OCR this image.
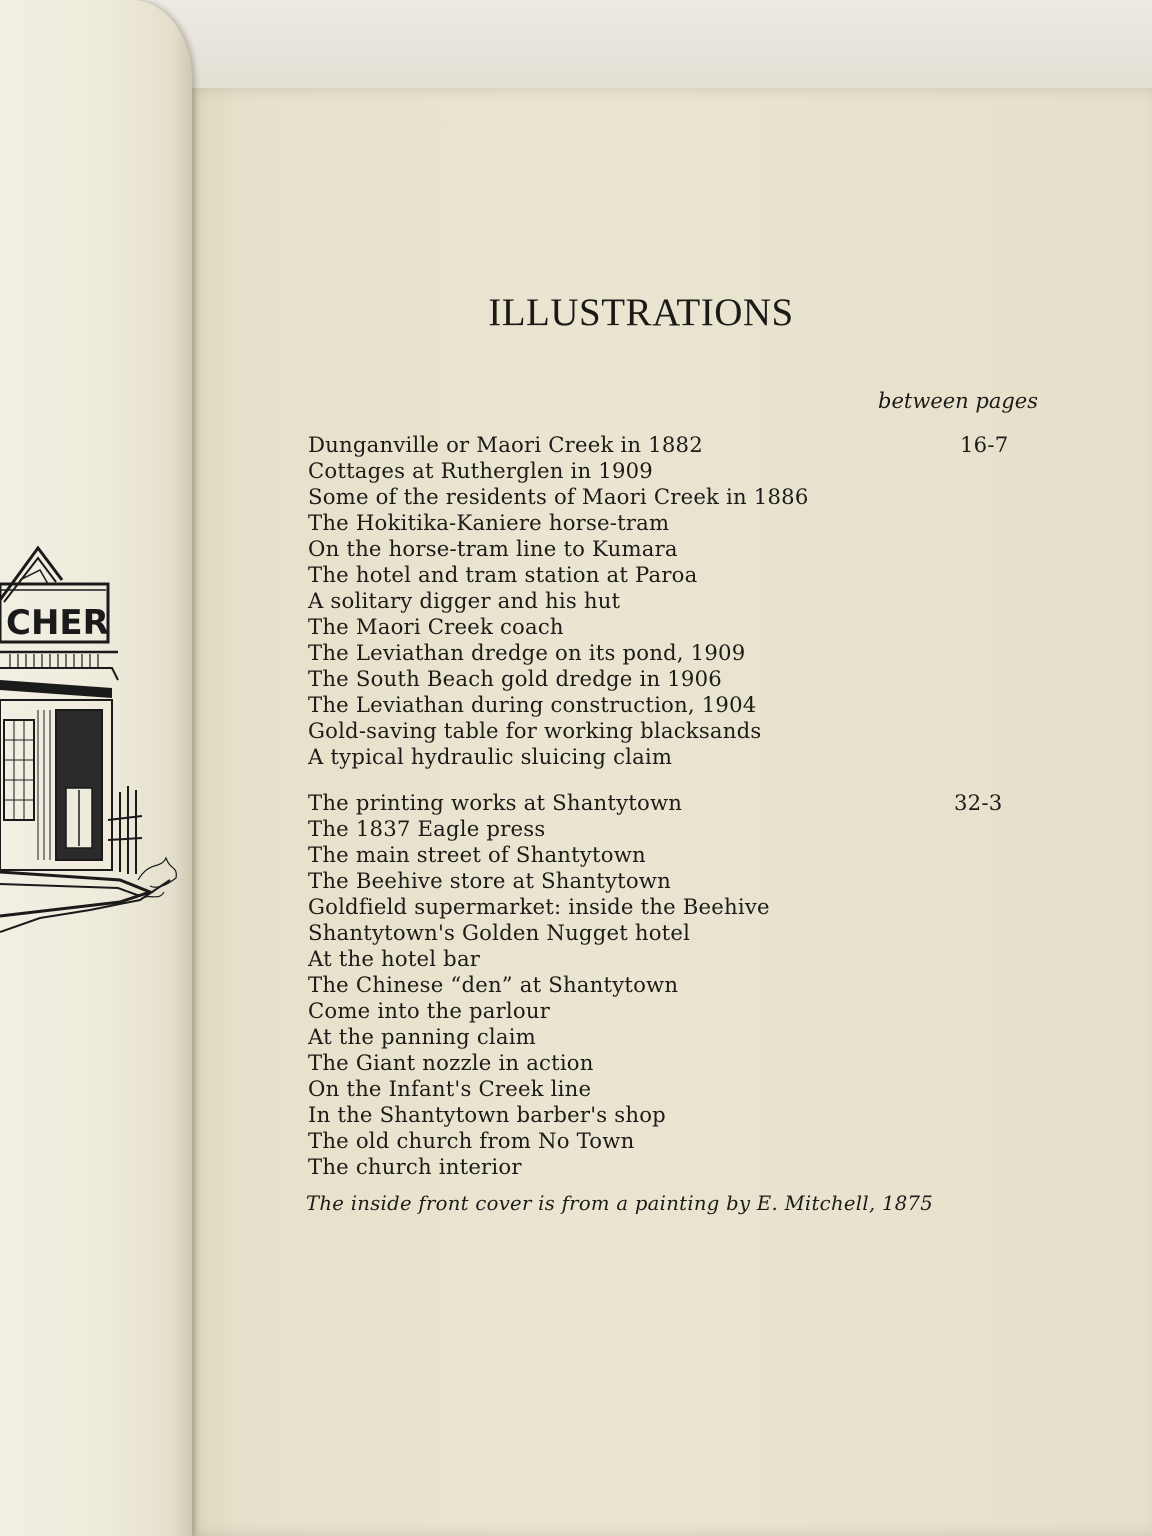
CHER
ILLUSTRATIONS
between pages
Dunganville or Maori Creek in 1882	16-7
Cottages at Rutherglen in 1909
Some of the residents of Maori Creek in 1886
The Hokitika-Kaniere horse-tram
On the horse-tram line to Kumara
The hotel and tram station at Paroa
A solitary digger and his hut
The Maori Creek coach
The Leviathan dredge on its pond, 1909
The South Beach gold dredge in 1906
The Leviathan during construction, 1904
Gold-saving table for working blacksands
A typical hydraulic sluicing claim
The printing works at Shantytown	32-3
The 1837 Eagle press
The main street of Shantytown
The Beehive store at Shantytown
Goldfield supermarket: inside the Beehive
Shantytown's Golden Nugget hotel
At the hotel bar
The Chinese “den” at Shantytown
Come into the parlour
At the panning claim
The Giant nozzle in action
On the Infant's Creek line
In the Shantytown barber's shop
The old church from No Town
The church interior
The inside front cover is from a painting by E. Mitchell, 1875
